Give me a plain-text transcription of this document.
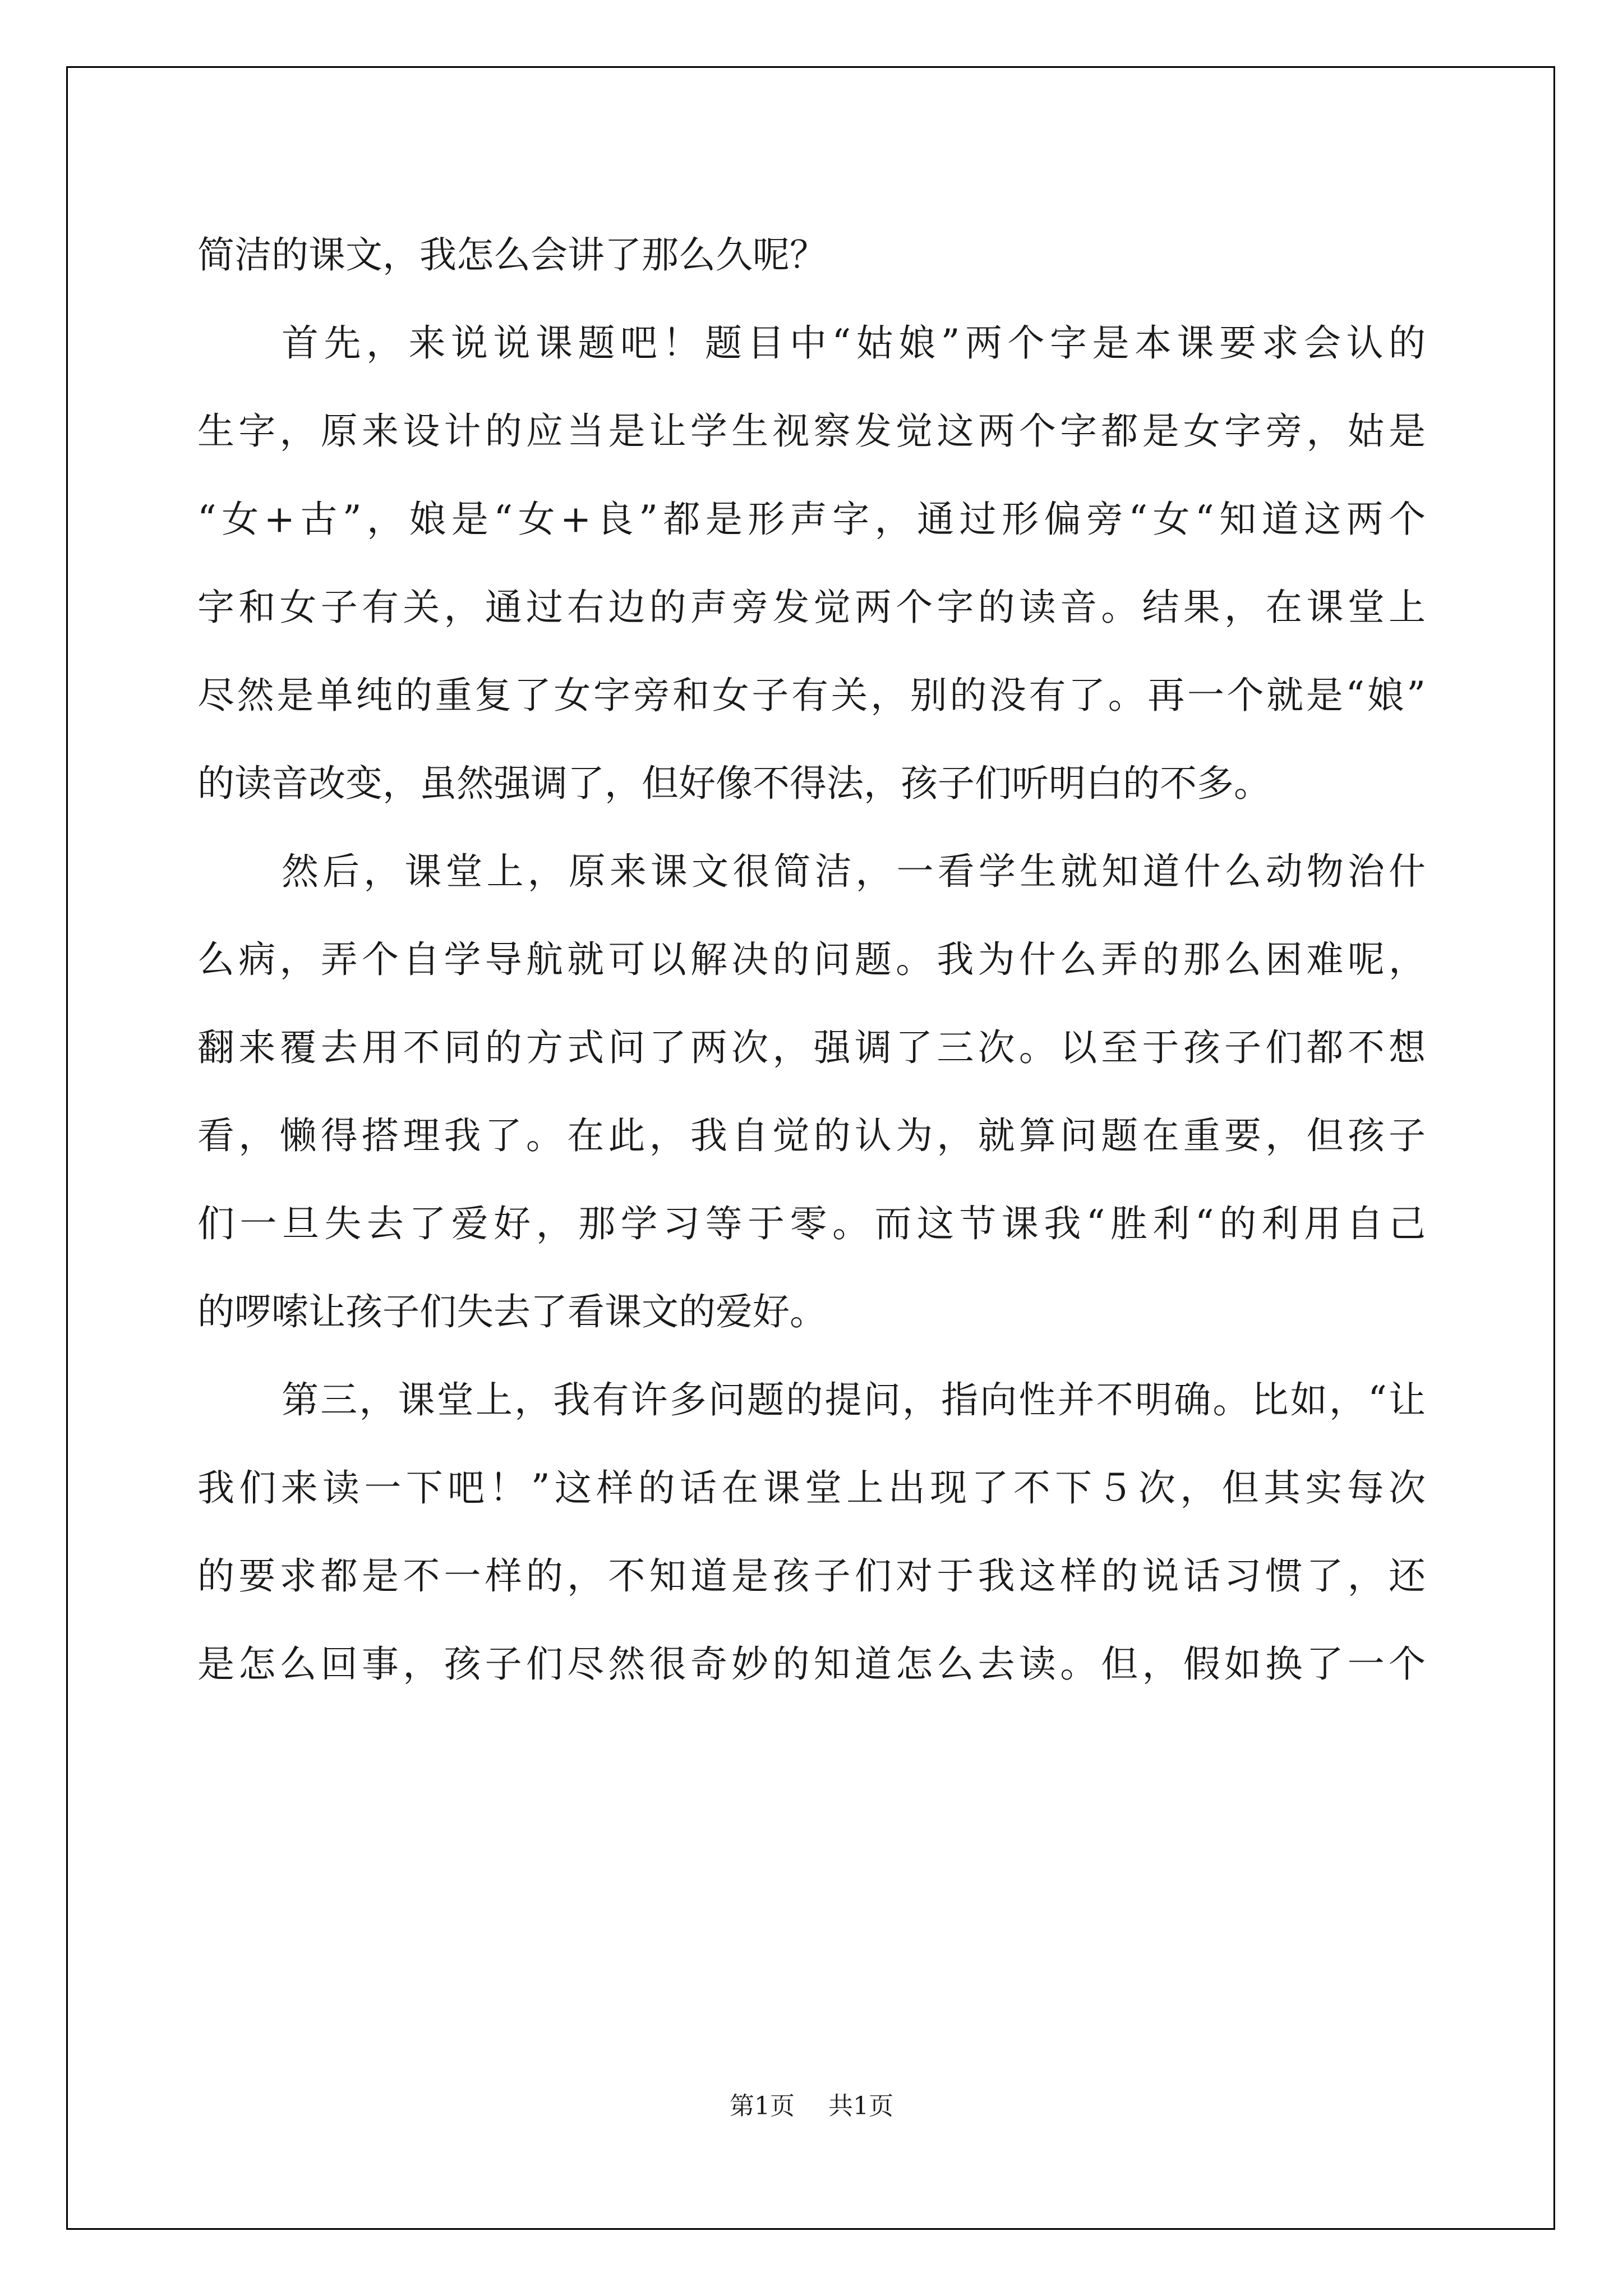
简洁的课文，我怎么会讲了那么久呢？
首先，来说说课题吧！题目中“姑娘”两个字是本课要求会认的
生字，原来设计的应当是让学生视察发觉这两个字都是女字旁，姑是
“女+古”，娘是“女+良”都是形声字，通过形偏旁“女“知道这两个
字和女子有关，通过右边的声旁发觉两个字的读音。结果，在课堂上
尽然是单纯的重复了女字旁和女子有关，别的没有了。再一个就是“娘”
的读音改变，虽然强调了，但好像不得法，孩子们听明白的不多。
然后，课堂上，原来课文很简洁，一看学生就知道什么动物治什
么病，弄个自学导航就可以解决的问题。我为什么弄的那么困难呢，
翻来覆去用不同的方式问了两次，强调了三次。以至于孩子们都不想
看，懒得搭理我了。在此，我自觉的认为，就算问题在重要，但孩子
们一旦失去了爱好，那学习等于零。而这节课我“胜利“的利用自己
的啰嗦让孩子们失去了看课文的爱好。
第三，课堂上，我有许多问题的提问，指向性并不明确。比如，“让
我们来读一下吧！”这样的话在课堂上出现了不下５次，但其实每次
的要求都是不一样的，不知道是孩子们对于我这样的说话习惯了，还
是怎么回事，孩子们尽然很奇妙的知道怎么去读。但，假如换了一个
第1页 共1页
